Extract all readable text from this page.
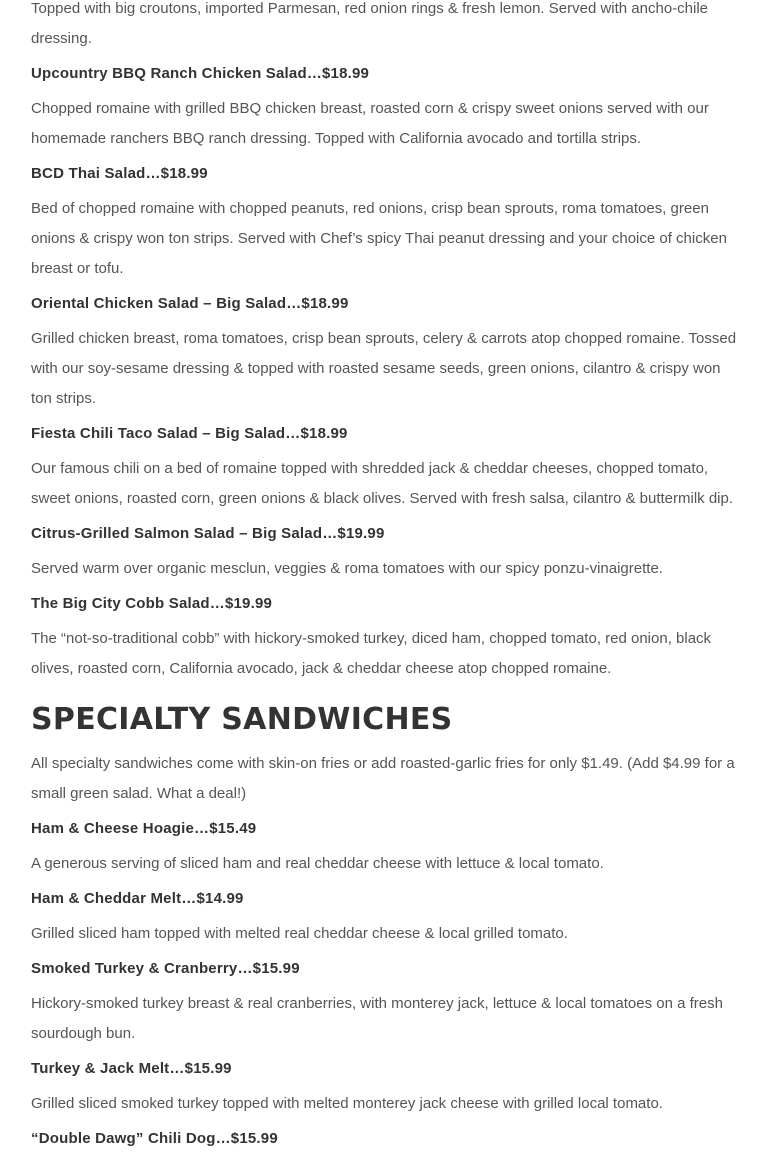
Topped with big croutons, imported Parmesan, red onion rings & fresh lemon. Served with ancho-chile dressing.

Upcountry BBQ Ranch Chicken Salad…$18.99

Chopped romaine with grilled BBQ chicken breast, roasted corn & crispy sweet onions served with our homemade ranchers BBQ ranch dressing. Topped with California avocado and tortilla strips.

BCD Thai Salad…$18.99

Bed of chopped romaine with chopped peanuts, red onions, crisp bean sprouts, roma tomatoes, green onions & crispy won ton strips. Served with Chef’s spicy Thai peanut dressing and your choice of chicken breast or tofu.

Oriental Chicken Salad – Big Salad…$18.99

Grilled chicken breast, roma tomatoes, crisp bean sprouts, celery & carrots atop chopped romaine. Tossed with our soy-sesame dressing & topped with roasted sesame seeds, green onions, cilantro & crispy won ton strips.

Fiesta Chili Taco Salad – Big Salad…$18.99

Our famous chili on a bed of romaine topped with shredded jack & cheddar cheeses, chopped tomato, sweet onions, roasted corn, green onions & black olives. Served with fresh salsa, cilantro & buttermilk dip.

Citrus-Grilled Salmon Salad – Big Salad…$19.99

Served warm over organic mesclun, veggies & roma tomatoes with our spicy ponzu-vinaigrette.

The Big City Cobb Salad…$19.99

The “not-so-traditional cobb” with hickory-smoked turkey, diced ham, chopped tomato, red onion, black olives, roasted corn, California avocado, jack & cheddar cheese atop chopped romaine.

SPECIALTY SANDWICHES

All specialty sandwiches come with skin-on fries or add roasted-garlic fries for only $1.49. (Add $4.99 for a small green salad. What a deal!)

Ham & Cheese Hoagie…$15.49

A generous serving of sliced ham and real cheddar cheese with lettuce & local tomato.

Ham & Cheddar Melt…$14.99

Grilled sliced ham topped with melted real cheddar cheese & local grilled tomato.

Smoked Turkey & Cranberry…$15.99

Hickory-smoked turkey breast & real cranberries, with monterey jack, lettuce & local tomatoes on a fresh sourdough bun.

Turkey & Jack Melt…$15.99

Grilled sliced smoked turkey topped with melted monterey jack cheese with grilled local tomato.

“Double Dawg” Chili Dog…$15.99
